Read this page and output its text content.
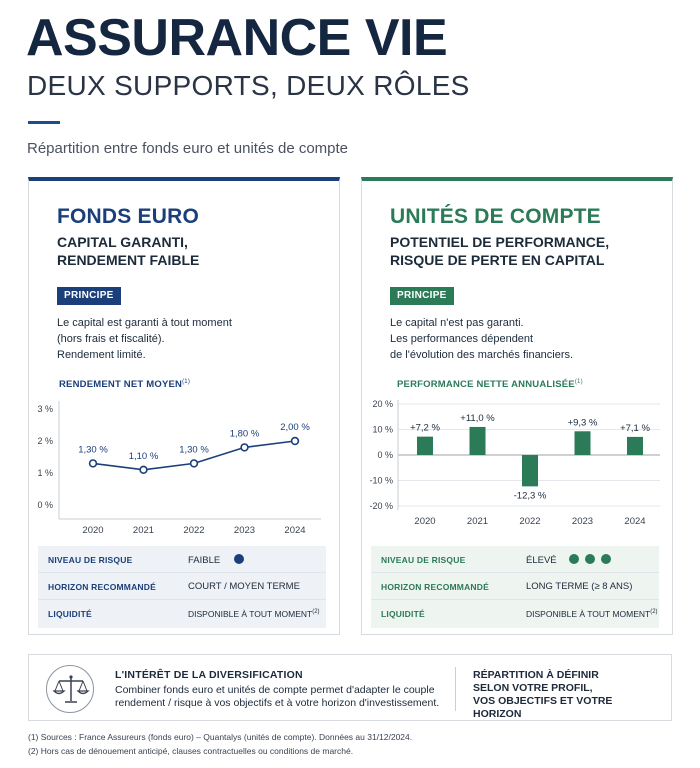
ASSURANCE VIE
DEUX SUPPORTS, DEUX RÔLES
Répartition entre fonds euro et unités de compte
FONDS EURO
CAPITAL GARANTI,
RENDEMENT FAIBLE
PRINCIPE
Le capital est garanti à tout moment
(hors frais et fiscalité).
Rendement limité.
RENDEMENT NET MOYEN$^{(1)}$
3 %
2 %
1 %
0 %
1,30 %
2020
1,10 %
2021
1,30 %
2022
1,80 %
2023
2,00 %
2024
NIVEAU DE RISQUE	FAIBLE
HORIZON RECOMMANDÉ	COURT / MOYEN TERME
LIQUIDITÉ	DISPONIBLE À TOUT MOMENT$^{(2)}$
UNITÉS DE COMPTE
POTENTIEL DE PERFORMANCE,
RISQUE DE PERTE EN CAPITAL
PRINCIPE
Le capital n'est pas garanti.
Les performances dépendent
de l'évolution des marchés financiers.
PERFORMANCE NETTE ANNUALISÉE$^{(1)}$
20 %
10 %
0 %
-10 %
-20 %
+7,2 %
2020
+11,0 %
2021
-12,3 %
2022
+9,3 %
2023
+7,1 %
2024
NIVEAU DE RISQUE	ÉLEVÉ
HORIZON RECOMMANDÉ	LONG TERME (≥ 8 ANS)
LIQUIDITÉ	DISPONIBLE À TOUT MOMENT$^{(2)}$
L'INTÉRÊT DE LA DIVERSIFICATION
Combiner fonds euro et unités de compte permet d'adapter le couple rendement / risque à vos objectifs et à votre horizon d'investissement.
RÉPARTITION À DÉFINIR
SELON VOTRE PROFIL,
VOS OBJECTIFS ET VOTRE HORIZON
(1) Sources : France Assureurs (fonds euro) – Quantalys (unités de compte). Données au 31/12/2024.
(2) Hors cas de dénouement anticipé, clauses contractuelles ou conditions de marché.
